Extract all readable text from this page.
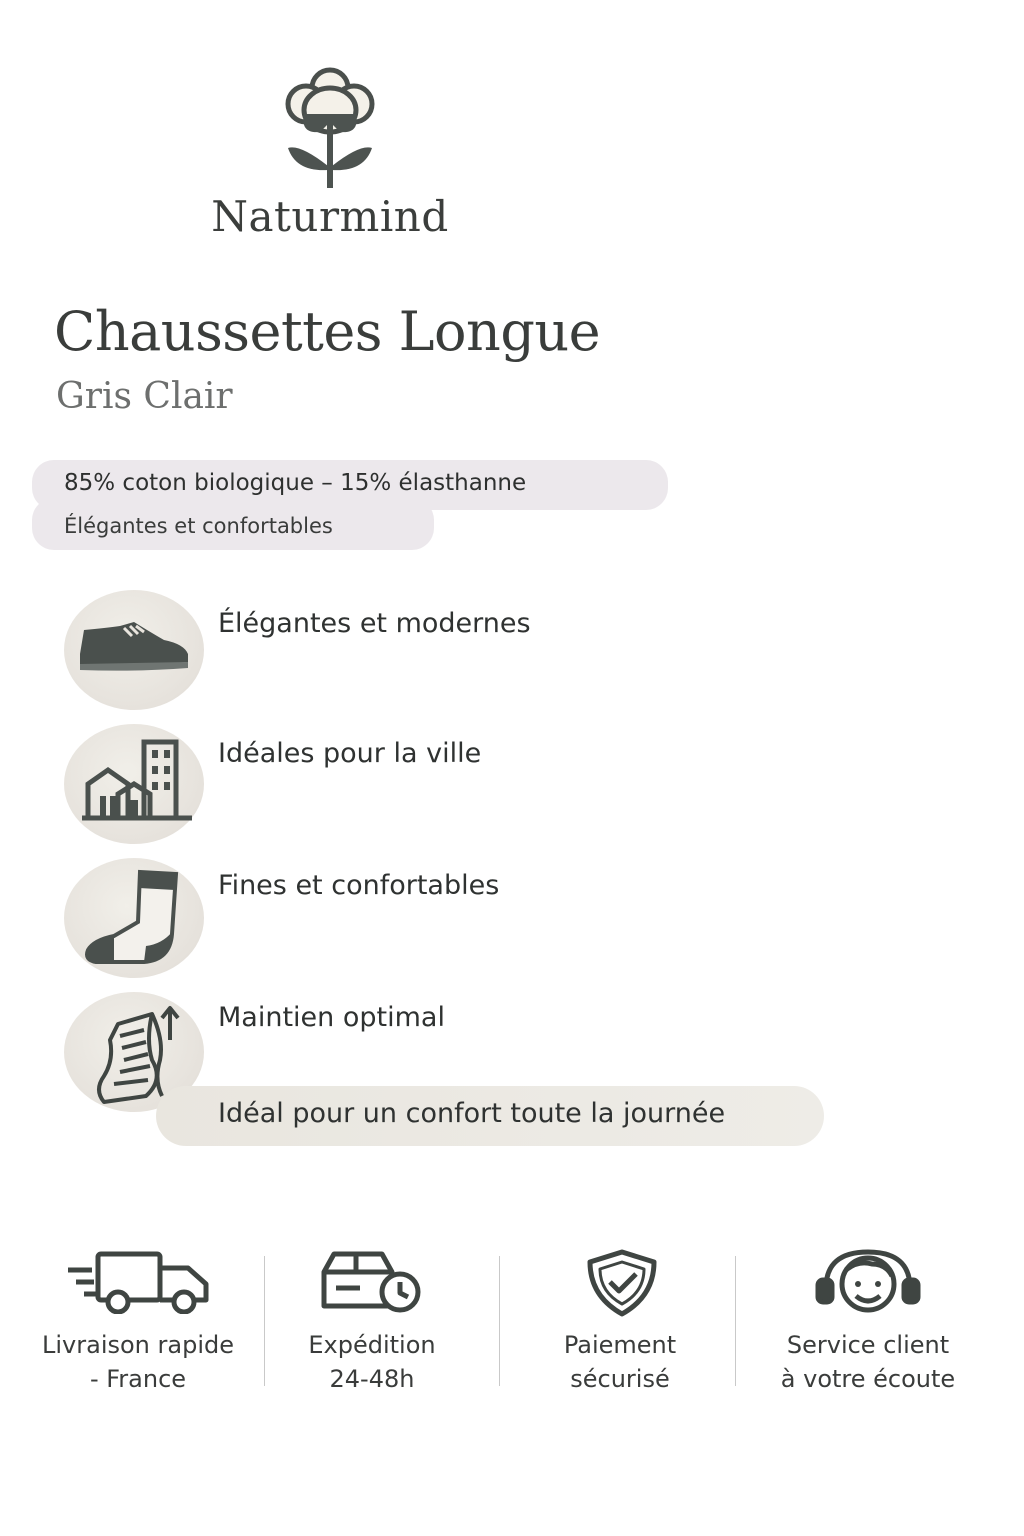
Naturmind
Chaussettes Longue
Gris Clair
85% coton biologique – 15% élasthanne
Élégantes et confortables
Élégantes et modernes
Idéales pour la ville
Fines et confortables
Maintien optimal
Idéal pour un confort toute la journée
Livraison rapide
- France
Expédition
24-48h
Paiement
sécurisé
Service client
à votre écoute
